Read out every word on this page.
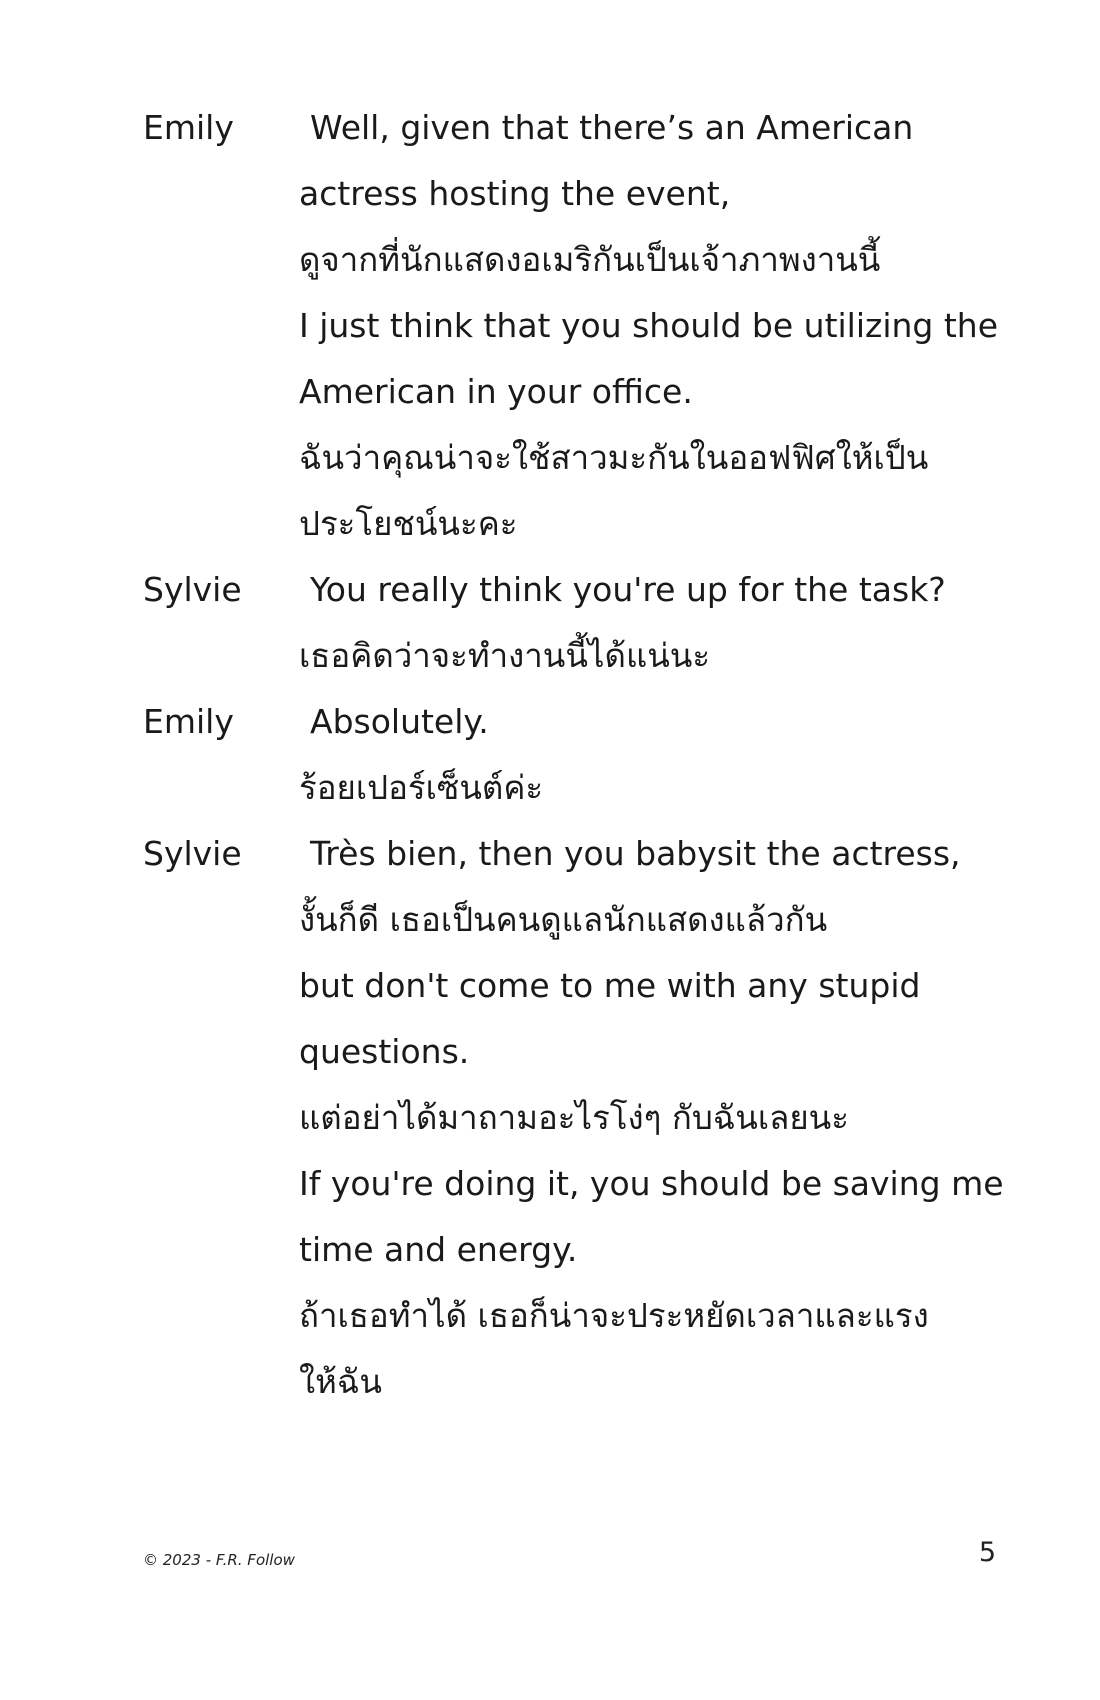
Emily	Well, given that there’s an American
actress hosting the event,
ดูจากที่นักแสดงอเมริกันเป็นเจ้าภาพงานนี้
I just think that you should be utilizing the
American in your office.
ฉันว่าคุณน่าจะใช้สาวมะกันในออฟฟิศให้เป็น
ประโยชน์นะคะ
Sylvie	You really think you're up for the task?
เธอคิดว่าจะทำงานนี้ได้แน่นะ
Emily	Absolutely.
ร้อยเปอร์เซ็นต์ค่ะ
Sylvie	Très bien, then you babysit the actress,
งั้นก็ดี เธอเป็นคนดูแลนักแสดงแล้วกัน
but don't come to me with any stupid
questions.
แต่อย่าได้มาถามอะไรโง่ๆ กับฉันเลยนะ
If you're doing it, you should be saving me
time and energy.
ถ้าเธอทำได้ เธอก็น่าจะประหยัดเวลาและแรง
ให้ฉัน
© 2023 - F.R. Follow	5
